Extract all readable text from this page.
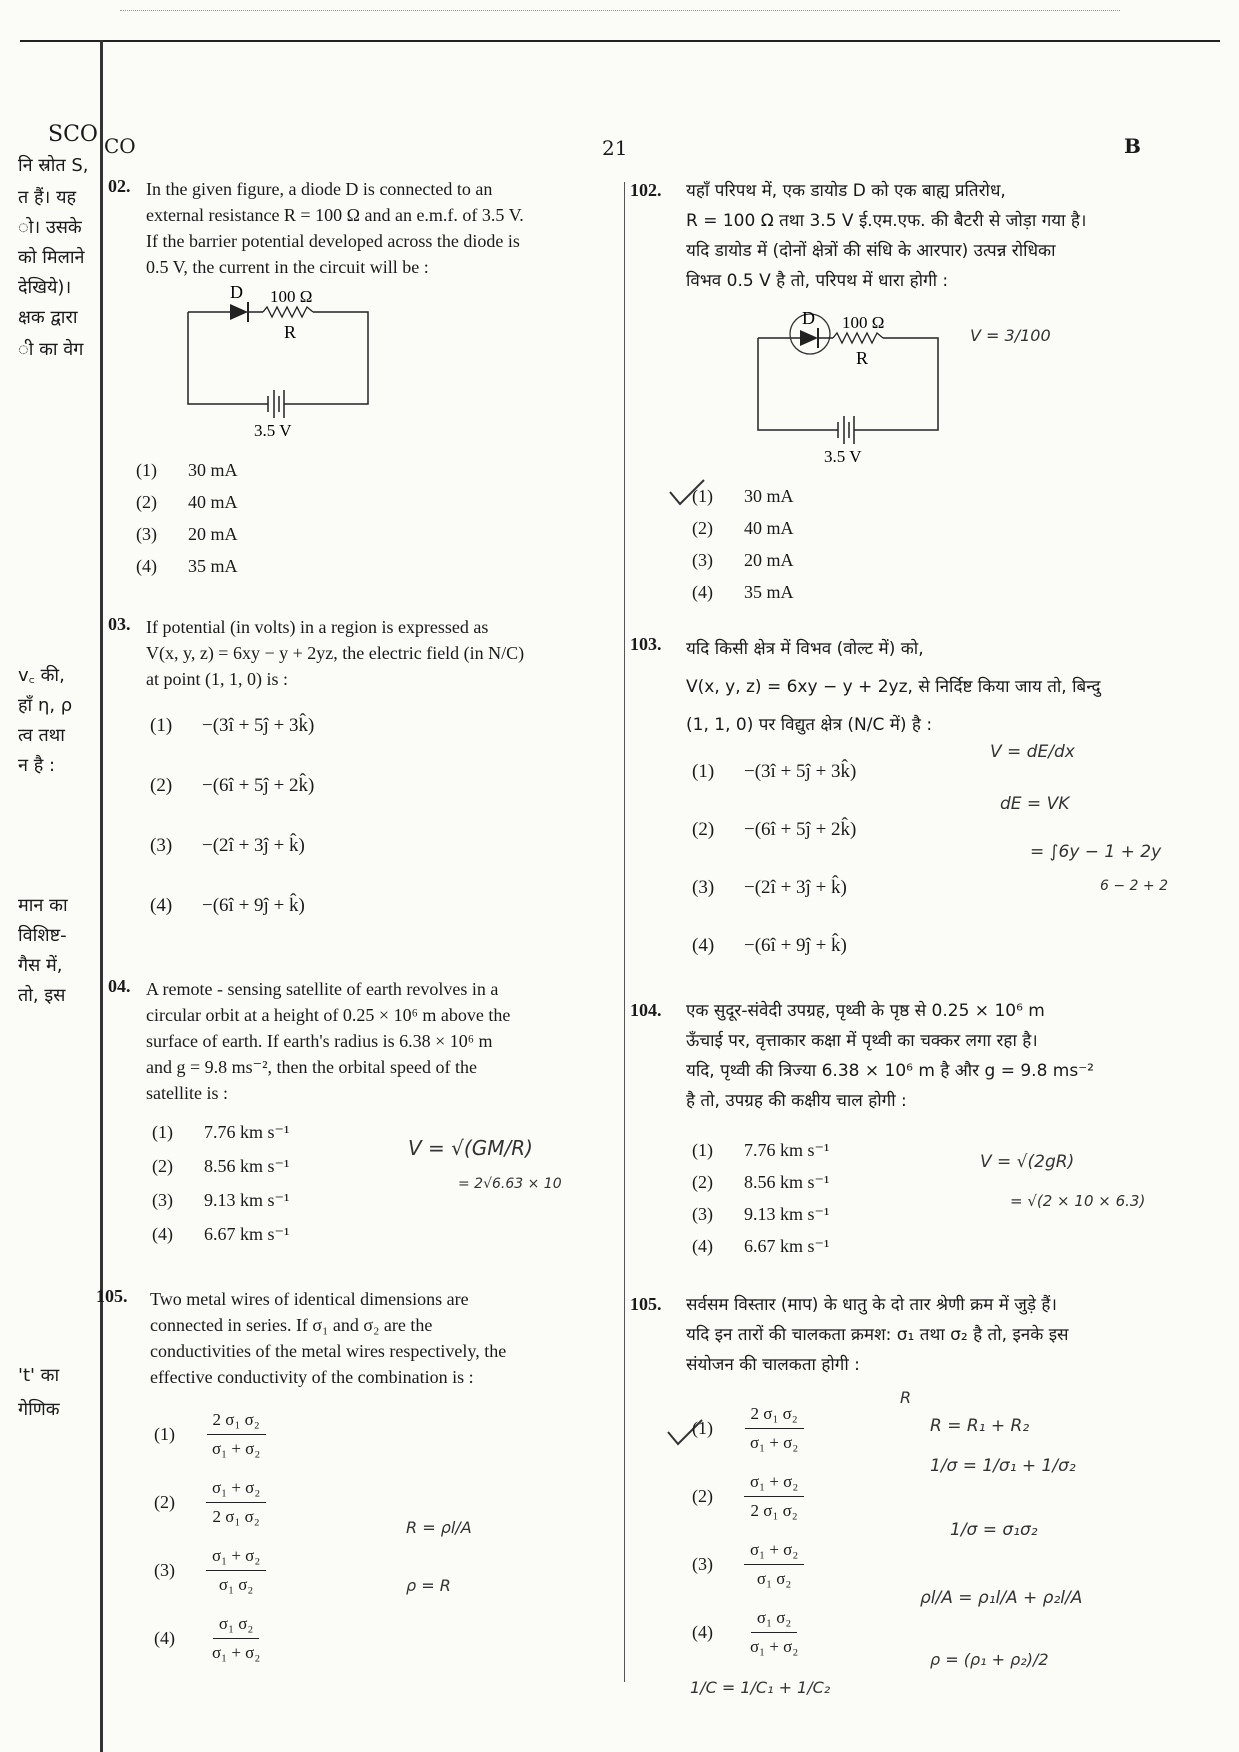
SCO CO	21	B
नि स्रोत S,
त हैं। यह
ो। उसके
को मिलाने
देखिये)।
क्षक द्वारा
ी का वेग
v꜀ की,
हाँ η, ρ
त्व तथा
न है :
मान का
विशिष्ट-
गैस में,
तो, इस
't' का
गेणिक
02. In the given figure, a diode D is connected to an
external resistance R = 100 Ω and an e.m.f. of 3.5 V.
If the barrier potential developed across the diode is
0.5 V, the current in the circuit will be :
D 100 Ω
R
3.5 V
(1) 30 mA
(2) 40 mA
(3) 20 mA
(4) 35 mA
03. If potential (in volts) in a region is expressed as
V(x, y, z) = 6xy − y + 2yz, the electric field (in N/C)
at point (1, 1, 0) is :
(1) −(3î + 5ĵ + 3k̂)
(2) −(6î + 5ĵ + 2k̂)
(3) −(2î + 3ĵ + k̂)
(4) −(6î + 9ĵ + k̂)
04. A remote - sensing satellite of earth revolves in a
circular orbit at a height of 0.25 × 10⁶ m above the
surface of earth. If earth's radius is 6.38 × 10⁶ m
and g = 9.8 ms⁻², then the orbital speed of the
satellite is :
(1) 7.76 km s⁻¹
(2) 8.56 km s⁻¹
(3) 9.13 km s⁻¹
(4) 6.67 km s⁻¹
V = √(GM/R)
= 2√6.63 × 10
105. Two metal wires of identical dimensions are
connected in series. If σ₁ and σ₂ are the
conductivities of the metal wires respectively, the
effective conductivity of the combination is :
(1)	$\frac{\text{2 σ₁ σ₂}}{\text{σ₁ + σ₂}}$
(2)	$\frac{\text{σ₁ + σ₂}}{\text{2 σ₁ σ₂}}$
(3)	$\frac{\text{σ₁ + σ₂}}{\text{σ₁ σ₂}}$
(4)	$\frac{\text{σ₁ σ₂}}{\text{σ₁ + σ₂}}$
R = ρl/A
ρ = R
102. यहाँ परिपथ में, एक डायोड D को एक बाह्य प्रतिरोध,
R = 100 Ω तथा 3.5 V ई.एम.एफ. की बैटरी से जोड़ा गया है।
यदि डायोड में (दोनों क्षेत्रों की संधि के आरपार) उत्पन्न रोधिका
विभव 0.5 V है तो, परिपथ में धारा होगी :
D 100 Ω
R
3.5 V
V = 3/100
(1) 30 mA
(2) 40 mA
(3) 20 mA
(4) 35 mA
103. यदि किसी क्षेत्र में विभव (वोल्ट में) को,
V(x, y, z) = 6xy − y + 2yz, से निर्दिष्ट किया जाय तो, बिन्दु
(1, 1, 0) पर विद्युत क्षेत्र (N/C में) है :
(1) −(3î + 5ĵ + 3k̂)
(2) −(6î + 5ĵ + 2k̂)
(3) −(2î + 3ĵ + k̂)
(4) −(6î + 9ĵ + k̂)
V = dE/dx
dE = VK
= ∫6y − 1 + 2y
6 − 2 + 2
104. एक सुदूर-संवेदी उपग्रह, पृथ्वी के पृष्ठ से 0.25 × 10⁶ m
ऊँचाई पर, वृत्ताकार कक्षा में पृथ्वी का चक्कर लगा रहा है।
यदि, पृथ्वी की त्रिज्या 6.38 × 10⁶ m है और g = 9.8 ms⁻²
है तो, उपग्रह की कक्षीय चाल होगी :
(1) 7.76 km s⁻¹
(2) 8.56 km s⁻¹
(3) 9.13 km s⁻¹
(4) 6.67 km s⁻¹
V = √(2gR)
= √(2 × 10 × 6.3)
105. सर्वसम विस्तार (माप) के धातु के दो तार श्रेणी क्रम में जुड़े हैं।
यदि इन तारों की चालकता क्रमश: σ₁ तथा σ₂ है तो, इनके इस
संयोजन की चालकता होगी :
(1)	$\frac{\text{2 σ₁ σ₂}}{\text{σ₁ + σ₂}}$
(2)	$\frac{\text{σ₁ + σ₂}}{\text{2 σ₁ σ₂}}$
(3)	$\frac{\text{σ₁ + σ₂}}{\text{σ₁ σ₂}}$
(4)	$\frac{\text{σ₁ σ₂}}{\text{σ₁ + σ₂}}$
R
R = R₁ + R₂
1/σ = 1/σ₁ + 1/σ₂
1/σ = σ₁σ₂
ρl/A = ρ₁l/A + ρ₂l/A
ρ = (ρ₁ + ρ₂)/2
1/C = 1/C₁ + 1/C₂
